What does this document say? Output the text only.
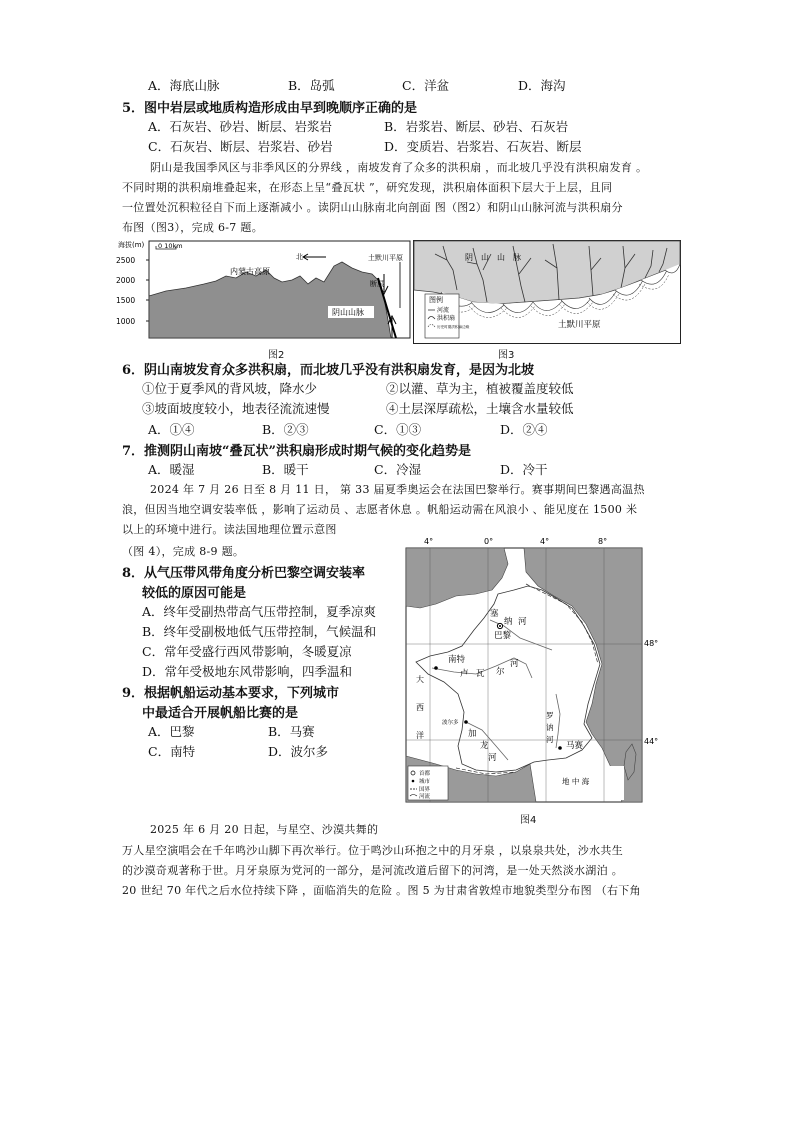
A．海底山脉	B．岛弧	C．洋盆	D．海沟
5．图中岩层或地质构造形成由早到晚顺序正确的是
A．石灰岩、砂岩、断层、岩浆岩	B．岩浆岩、断层、砂岩、石灰岩
C．石灰岩、断层、岩浆岩、砂岩	D．变质岩、岩浆岩、石灰岩、断层
阴山是我国季风区与非季风区的分界线 ，南坡发育了众多的洪积扇 ，而北坡几乎没有洪积扇发育 。
不同时期的洪积扇堆叠起来，在形态上呈“叠瓦状 ”，研究发现，洪积扇体面积下层大于上层，且同
一位置处沉积粒径自下而上逐渐减小 。读阴山山脉南北向剖面 图（图2）和阴山山脉河流与洪积扇分
布图（图3），完成 6-7 题。
海拔(m)
2500
2000
1500
1000
0 10km
北	土默川平原
内蒙古高原
断层
阴山山脉
图2
阴　山　山　脉
土默川平原
图例
河流
洪积扇
历史时期洪积扇边缘
图3
6．阴山南坡发育众多洪积扇，而北坡几乎没有洪积扇发育，是因为北坡
①位于夏季风的背风坡，降水少	②以灌、草为主，植被覆盖度较低
③坡面坡度较小，地表径流流速慢	④土层深厚疏松，土壤含水量较低
A．①④	B．②③	C．①③	D．②④
7．推测阴山南坡“叠瓦状”洪积扇形成时期气候的变化趋势是
A．暖湿	B．暖干	C．冷湿	D．冷干
2024 年 7 月 26 日至 8 月 11 日， 第 33 届夏季奥运会在法国巴黎举行。赛事期间巴黎遇高温热
浪，但因当地空调安装率低 ，影响了运动员 、志愿者休息 。帆船运动需在风浪小 、能见度在 1500 米
以上的环境中进行。读法国地理位置示意图
（图 4），完成 8-9 题。
8．从气压带风带角度分析巴黎空调安装率
较低的原因可能是
A．终年受副热带高气压带控制，夏季凉爽
B．终年受副极地低气压带控制，气候温和
C．常年受盛行西风带影响，冬暖夏凉
D．常年受极地东风带影响，四季温和
9．根据帆船运动基本要求，下列城市
中最适合开展帆船比赛的是
A．巴黎	B．马赛
C．南特	D．波尔多
4°	0°	4°	8°
48°
44°
塞
纳 河
巴黎
南特
卢 瓦 尔
河
大
西
洋
波尔多
加
龙
河
罗
讷
河
马赛
地 中 海
首都
城市
国界
河流
图4
2025 年 6 月 20 日起，与星空、沙漠共舞的
万人星空演唱会在千年鸣沙山脚下再次举行。位于鸣沙山环抱之中的月牙泉 ，以泉泉共处，沙水共生
的沙漠奇观著称于世。月牙泉原为党河的一部分，是河流改道后留下的河湾，是一处天然淡水湖泊 。
20 世纪 70 年代之后水位持续下降 ，面临消失的危险 。图 5 为甘肃省敦煌市地貌类型分布图 （右下角
